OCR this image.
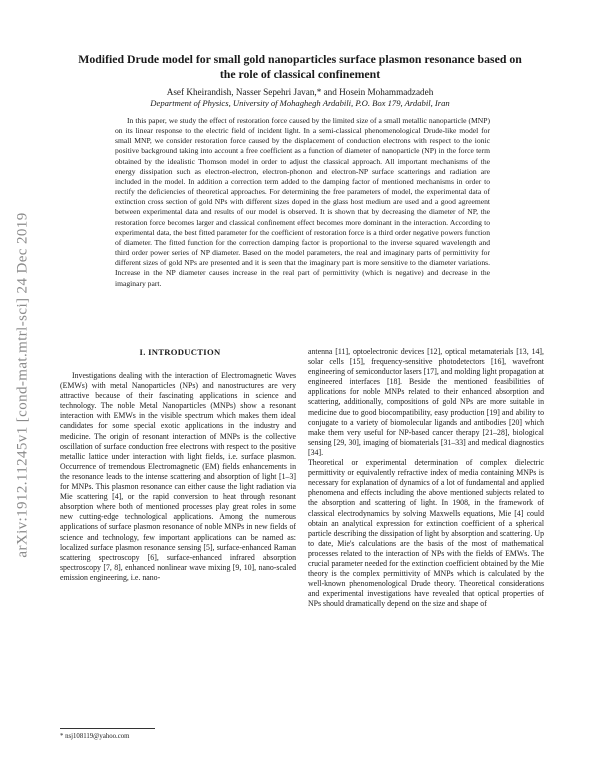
arXiv:1912.11245v1 [cond-mat.mtrl-sci] 24 Dec 2019
Modified Drude model for small gold nanoparticles surface plasmon resonance based on the role of classical confinement
Asef Kheirandish, Nasser Sepehri Javan,* and Hosein Mohammadzadeh
Department of Physics, University of Mohaghegh Ardabili, P.O. Box 179, Ardabil, Iran

In this paper, we study the effect of restoration force caused by the limited size of a small metallic nanoparticle (MNP) on its linear response to the electric field of incident light. In a semi-classical phenomenological Drude-like model for small MNP, we consider restoration force caused by the displacement of conduction electrons with respect to the ionic positive background taking into account a free coefficient as a function of diameter of nanoparticle (NP) in the force term obtained by the idealistic Thomson model in order to adjust the classical approach. All important mechanisms of the energy dissipation such as electron-electron, electron-phonon and electron-NP surface scatterings and radiation are included in the model. In addition a correction term added to the damping factor of mentioned mechanisms in order to rectify the deficiencies of theoretical approaches. For determining the free parameters of model, the experimental data of extinction cross section of gold NPs with different sizes doped in the glass host medium are used and a good agreement between experimental data and results of our model is observed. It is shown that by decreasing the diameter of NP, the restoration force becomes larger and classical confinement effect becomes more dominant in the interaction. According to experimental data, the best fitted parameter for the coefficient of restoration force is a third order negative powers function of diameter. The fitted function for the correction damping factor is proportional to the inverse squared wavelength and third order power series of NP diameter. Based on the model parameters, the real and imaginary parts of permittivity for different sizes of gold NPs are presented and it is seen that the imaginary part is more sensitive to the diameter variations. Increase in the NP diameter causes increase in the real part of permittivity (which is negative) and decrease in the imaginary part.

I. INTRODUCTION

Investigations dealing with the interaction of Electromagnetic Waves (EMWs) with metal Nanoparticles (NPs) and nanostructures are very attractive because of their fascinating applications in science and technology. The noble Metal Nanoparticles (MNPs) show a resonant interaction with EMWs in the visible spectrum which makes them ideal candidates for some special exotic applications in the industry and medicine. The origin of resonant interaction of MNPs is the collective oscillation of surface conduction free electrons with respect to the positive metallic lattice under interaction with light fields, i.e. surface plasmon. Occurrence of tremendous Electromagnetic (EM) fields enhancements in the resonance leads to the intense scattering and absorption of light [1–3] for MNPs. This plasmon resonance can either cause the light radiation via Mie scattering [4], or the rapid conversion to heat through resonant absorption where both of mentioned processes play great roles in some new cutting-edge technological applications. Among the numerous applications of surface plasmon resonance of noble MNPs in new fields of science and technology, few important applications can be named as: localized surface plasmon resonance sensing [5], surface-enhanced Raman scattering spectroscopy [6], surface-enhanced infrared absorption spectroscopy [7, 8], enhanced nonlinear wave mixing [9, 10], nano-scaled emission engineering, i.e. nano-

antenna [11], optoelectronic devices [12], optical metamaterials [13, 14], solar cells [15], frequency-sensitive photodetectors [16], wavefront engineering of semiconductor lasers [17], and molding light propagation at engineered interfaces [18]. Beside the mentioned feasibilities of applications for noble MNPs related to their enhanced absorption and scattering, additionally, compositions of gold NPs are more suitable in medicine due to good biocompatibility, easy production [19] and ability to conjugate to a variety of biomolecular ligands and antibodies [20] which make them very useful for NP-based cancer therapy [21–28], biological sensing [29, 30], imaging of biomaterials [31–33] and medical diagnostics [34].

Theoretical or experimental determination of complex dielectric permittivity or equivalently refractive index of media containing MNPs is necessary for explanation of dynamics of a lot of fundamental and applied phenomena and effects including the above mentioned subjects related to the absorption and scattering of light. In 1908, in the framework of classical electrodynamics by solving Maxwells equations, Mie [4] could obtain an analytical expression for extinction coefficient of a spherical particle describing the dissipation of light by absorption and scattering. Up to date, Mie's calculations are the basis of the most of mathematical processes related to the interaction of NPs with the fields of EMWs. The crucial parameter needed for the extinction coefficient obtained by the Mie theory is the complex permittivity of MNPs which is calculated by the well-known phenomenological Drude theory. Theoretical considerations and experimental investigations have revealed that optical properties of NPs should dramatically depend on the size and shape of

* nsj108119@yahoo.com
